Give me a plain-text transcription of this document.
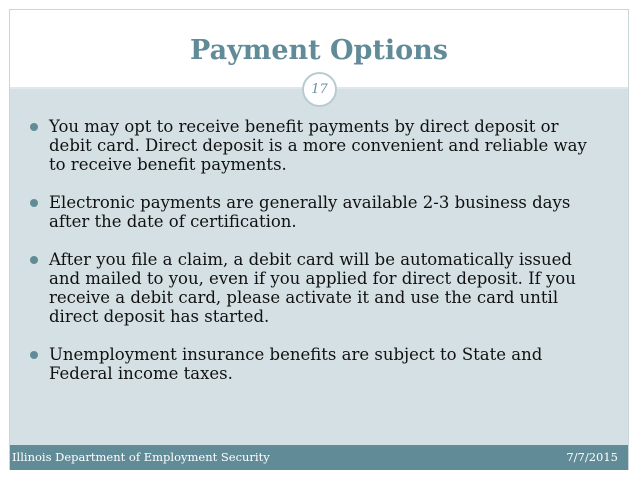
Payment Options
17
You may opt to receive benefit payments by direct deposit or debit card. Direct deposit is a more convenient and reliable way to receive benefit payments.
Electronic payments are generally available 2-3 business days after the date of certification.
After you file a claim, a debit card will be automatically issued and mailed to you, even if you applied for direct deposit. If you receive a debit card, please activate it and use the card until direct deposit has started.
Unemployment insurance benefits are subject to State and Federal income taxes.
Illinois Department of Employment Security	7/7/2015
